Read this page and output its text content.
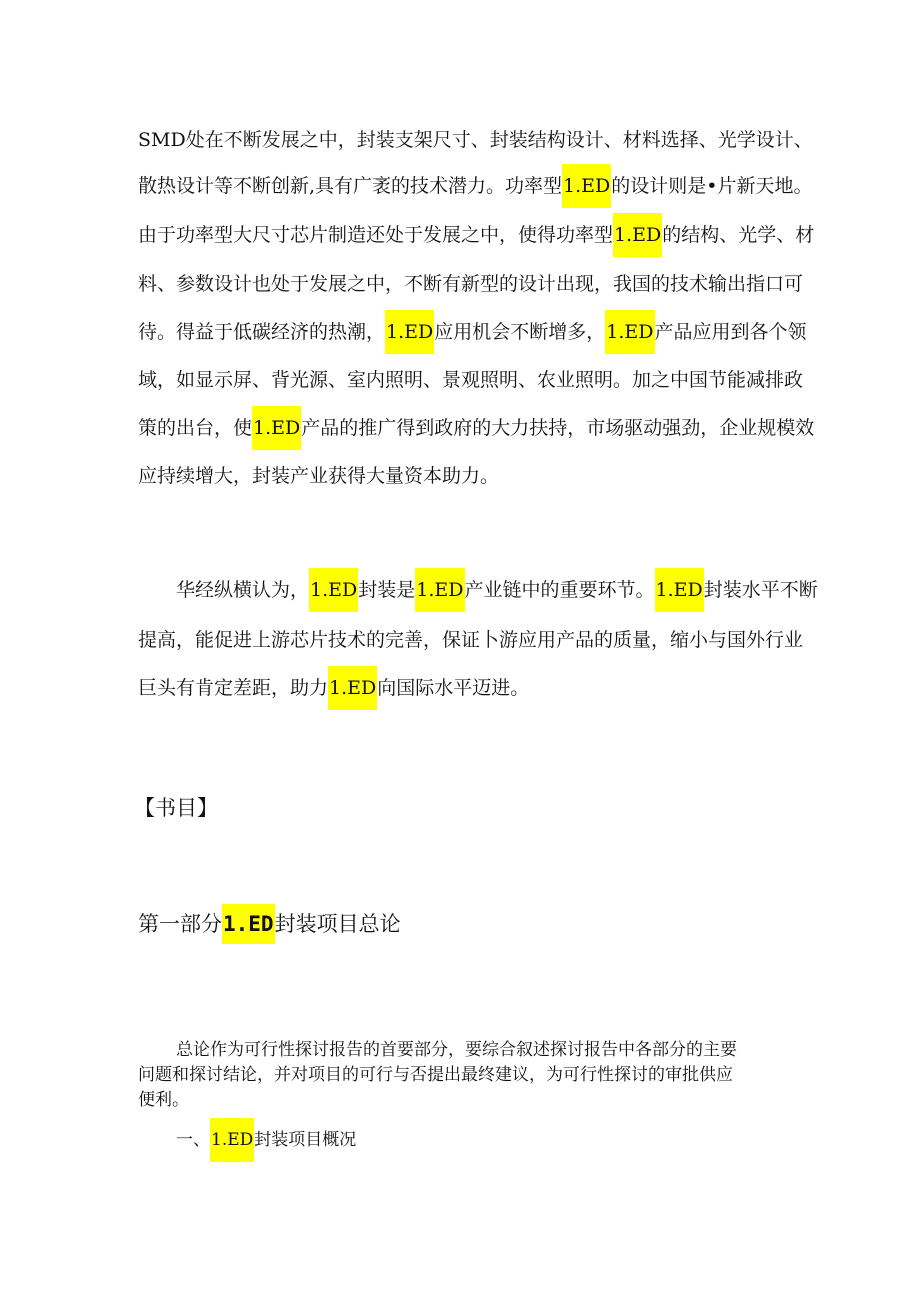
SMD处在不断发展之中，封装支架尺寸、封装结构设计、材料选择、光学设计、
散热设计等不断创新,具有广袤的技术潜力。功率型1.ED的设计则是•片新天地。
由于功率型大尺寸芯片制造还处于发展之中，使得功率型1.ED的结构、光学、材
料、参数设计也处于发展之中，不断有新型的设计出现，我国的技术输出指口可
待。得益于低碳经济的热潮，1.ED应用机会不断增多，1.ED产品应用到各个领
域，如显示屏、背光源、室内照明、景观照明、农业照明。加之中国节能减排政
策的出台，使1.ED产品的推广得到政府的大力扶持，市场驱动强劲，企业规模效
应持续增大，封装产业获得大量资本助力。
华经纵横认为，1.ED封装是1.ED产业链中的重要环节。1.ED封装水平不断
提高，能促进上游芯片技术的完善，保证卜游应用产品的质量，缩小与国外行业
巨头有肯定差距，助力1.ED向国际水平迈进。
【书目】
第一部分1.ED封装项目总论
总论作为可行性探讨报告的首要部分，要综合叙述探讨报告中各部分的主要
问题和探讨结论，并对项目的可行与否提出最终建议，为可行性探讨的审批供应
便利。
一、1.ED封装项目概况
